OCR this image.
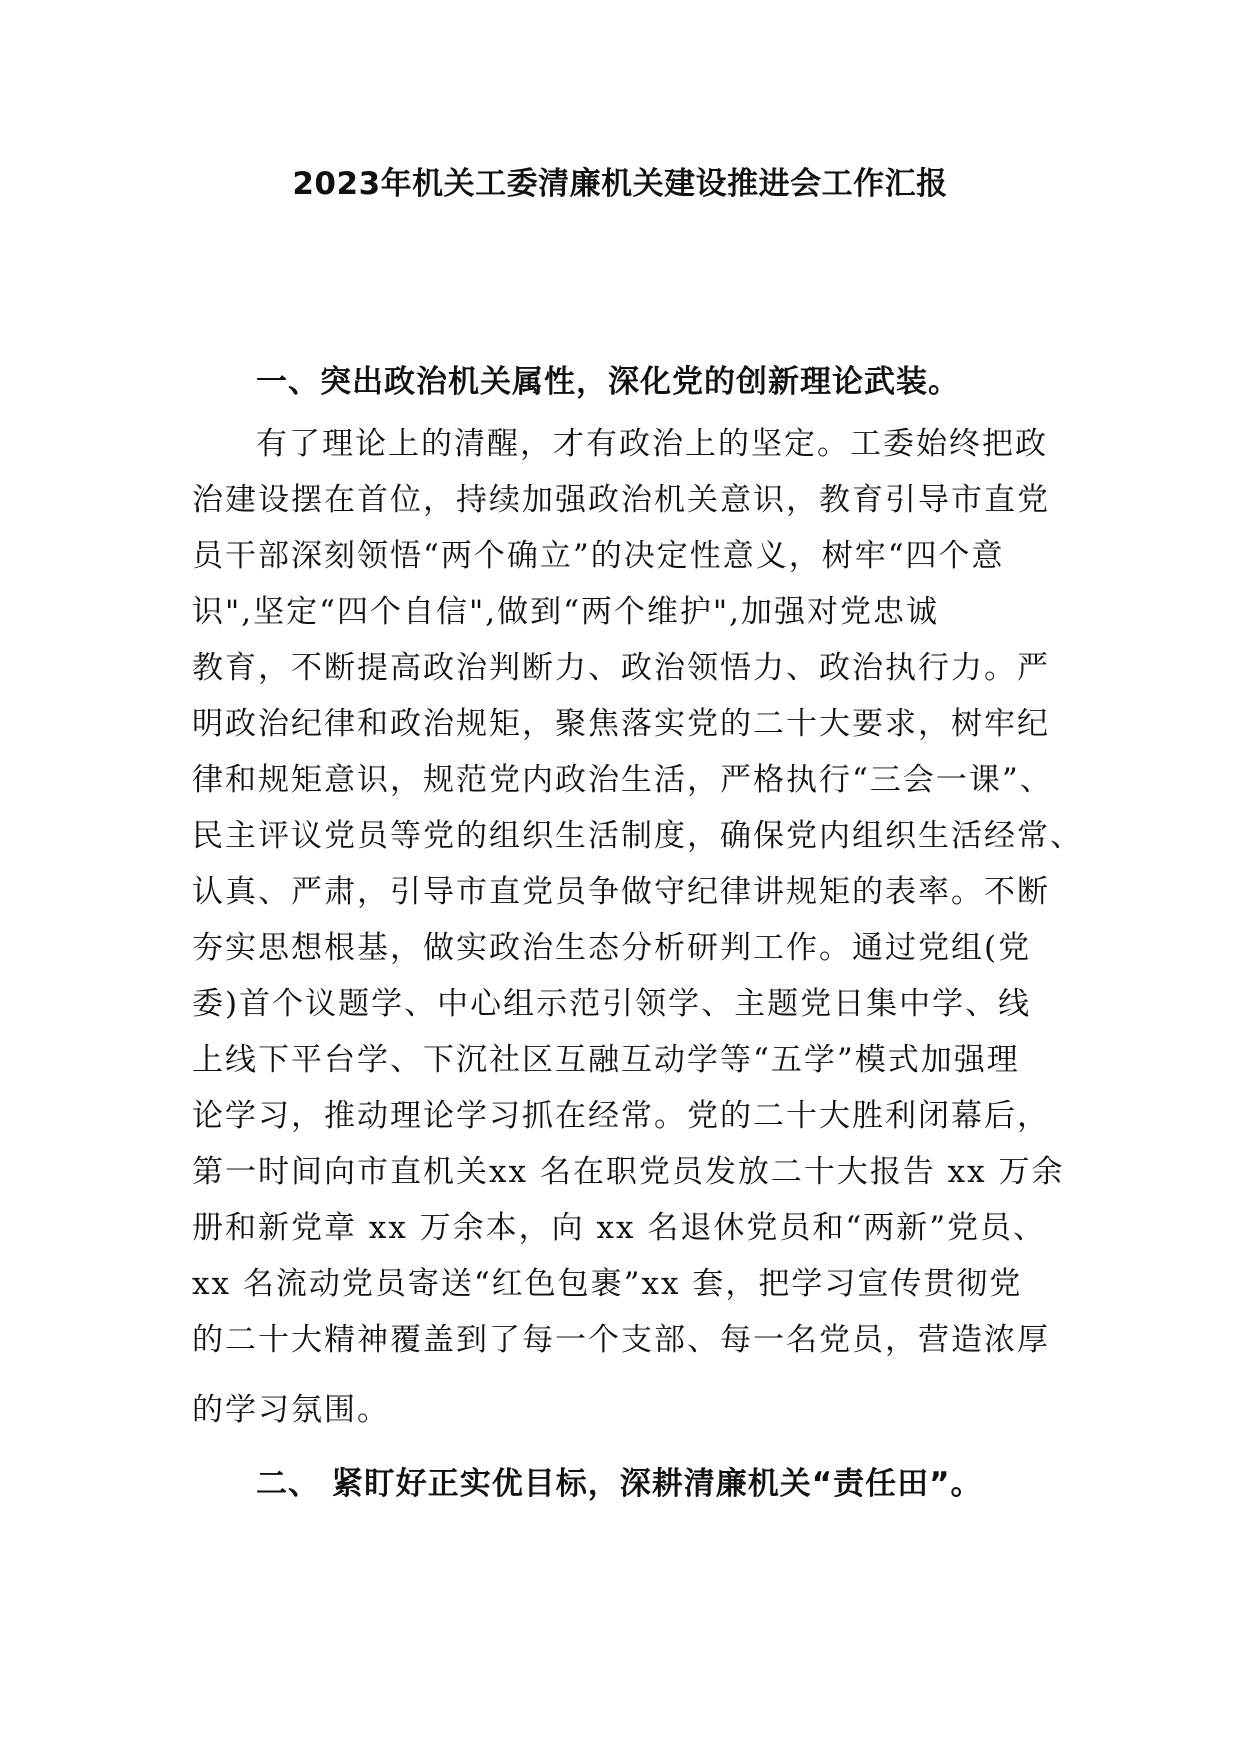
2023年机关工委清廉机关建设推进会工作汇报
一、突出政治机关属性，深化党的创新理论武装。
有了理论上的清醒，才有政治上的坚定。工委始终把政
治建设摆在首位，持续加强政治机关意识，教育引导市直党
员干部深刻领悟“两个确立”的决定性意义，树牢“四个意
识",坚定“四个自信",做到“两个维护",加强对党忠诚
教育，不断提高政治判断力、政治领悟力、政治执行力。严
明政治纪律和政治规矩，聚焦落实党的二十大要求，树牢纪
律和规矩意识，规范党内政治生活，严格执行“三会一课”、
民主评议党员等党的组织生活制度，确保党内组织生活经常、
认真、严肃，引导市直党员争做守纪律讲规矩的表率。不断
夯实思想根基，做实政治生态分析研判工作。通过党组(党
委)首个议题学、中心组示范引领学、主题党日集中学、线
上线下平台学、下沉社区互融互动学等“五学”模式加强理
论学习，推动理论学习抓在经常。党的二十大胜利闭幕后，
第一时间向市直机关xx 名在职党员发放二十大报告 xx 万余
册和新党章 xx 万余本，向 xx 名退休党员和“两新”党员、
xx 名流动党员寄送“红色包裹”xx 套，把学习宣传贯彻党
的二十大精神覆盖到了每一个支部、每一名党员，营造浓厚
的学习氛围。
二、 紧盯好正实优目标，深耕清廉机关“责任田”。
